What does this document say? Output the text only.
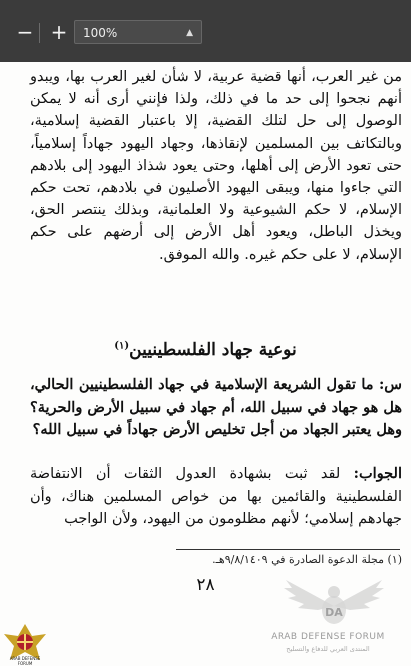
− +	100%	▲

من غير العرب، أنها قضية عربية، لا شأن لغير العرب بها، ويبدو أنهم نجحوا إلى حد ما في ذلك، ولذا فإنني أرى أنه لا يمكن الوصول إلى حل لتلك القضية، إلا باعتبار القضية إسلامية، وبالتكاتف بين المسلمين لإنقاذها، وجهاد اليهود جهاداً إسلامياً، حتى تعود الأرض إلى أهلها، وحتى يعود شذاذ اليهود إلى بلادهم التي جاءوا منها، ويبقى اليهود الأصليون في بلادهم، تحت حكم الإسلام، لا حكم الشيوعية ولا العلمانية، وبذلك ينتصر الحق، ويخذل الباطل، ويعود أهل الأرض إلى أرضهم على حكم الإسلام، لا على حكم غيره. والله الموفق.

نوعية جهاد الفلسطينيين$^{(١)}$

س: ما تقول الشريعة الإسلامية في جهاد الفلسطينيين الحالي، هل هو جهاد في سبيل الله، أم جهاد في سبيل الأرض والحرية؟ وهل يعتبر الجهاد من أجل تخليص الأرض جهاداً في سبيل الله؟

الجواب: لقد ثبت بشهادة العدول الثقات أن الانتفاضة الفلسطينية والقائمين بها من خواص المسلمين هناك، وأن جهادهم إسلامي؛ لأنهم مظلومون من اليهود، ولأن الواجب

(١) مجلة الدعوة الصادرة في ٩/٨/١٤٠٩هـ.

٢٨

DA
ARAB DEFENSE FORUM
المنتدى العربي للدفاع والتسليح
ARAB DEFENSE FORUM
